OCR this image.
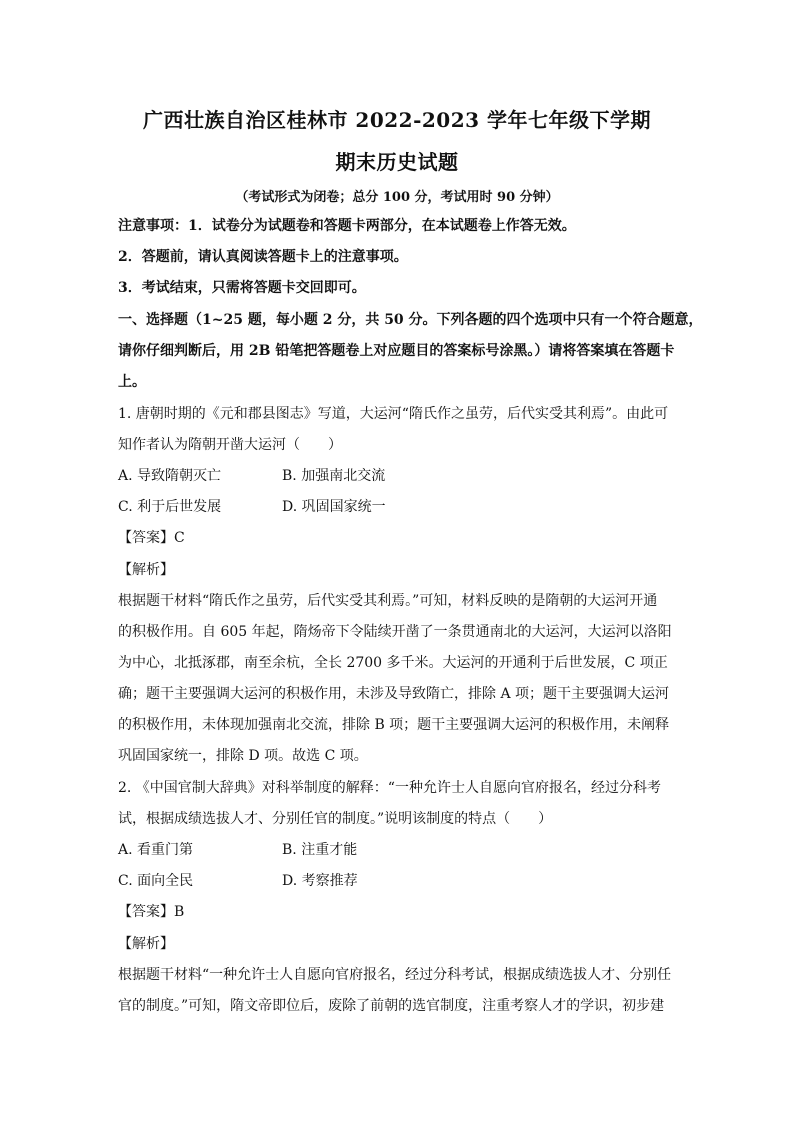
广西壮族自治区桂林市 2022-2023 学年七年级下学期
期末历史试题
（考试形式为闭卷；总分 100 分，考试用时 90 分钟）
注意事项：1．试卷分为试题卷和答题卡两部分，在本试题卷上作答无效。
2．答题前，请认真阅读答题卡上的注意事项。
3．考试结束，只需将答题卡交回即可。
一、选择题（1~25 题，每小题 2 分，共 50 分。下列各题的四个选项中只有一个符合题意，
请你仔细判断后，用 2B 铅笔把答题卷上对应题目的答案标号涂黑。）请将答案填在答题卡
上。
1. 唐朝时期的《元和郡县图志》写道，大运河“隋氏作之虽劳，后代实受其利焉”。由此可
知作者认为隋朝开凿大运河（　　）
A. 导致隋朝灭亡	B. 加强南北交流
C. 利于后世发展	D. 巩固国家统一
【答案】C
【解析】
根据题干材料“隋氏作之虽劳，后代实受其利焉。”可知，材料反映的是隋朝的大运河开通
的积极作用。自 605 年起，隋炀帝下令陆续开凿了一条贯通南北的大运河，大运河以洛阳
为中心，北抵涿郡，南至余杭，全长 2700 多千米。大运河的开通利于后世发展，C 项正
确；题干主要强调大运河的积极作用，未涉及导致隋亡，排除 A 项；题干主要强调大运河
的积极作用，未体现加强南北交流，排除 B 项；题干主要强调大运河的积极作用，未阐释
巩固国家统一，排除 D 项。故选 C 项。
2. 《中国官制大辞典》对科举制度的解释：“一种允许士人自愿向官府报名，经过分科考
试，根据成绩选拔人才、分别任官的制度。”说明该制度的特点（　　）
A. 看重门第	B. 注重才能
C. 面向全民	D. 考察推荐
【答案】B
【解析】
根据题干材料“一种允许士人自愿向官府报名，经过分科考试，根据成绩选拔人才、分别任
官的制度。”可知，隋文帝即位后，废除了前朝的选官制度，注重考察人才的学识，初步建
